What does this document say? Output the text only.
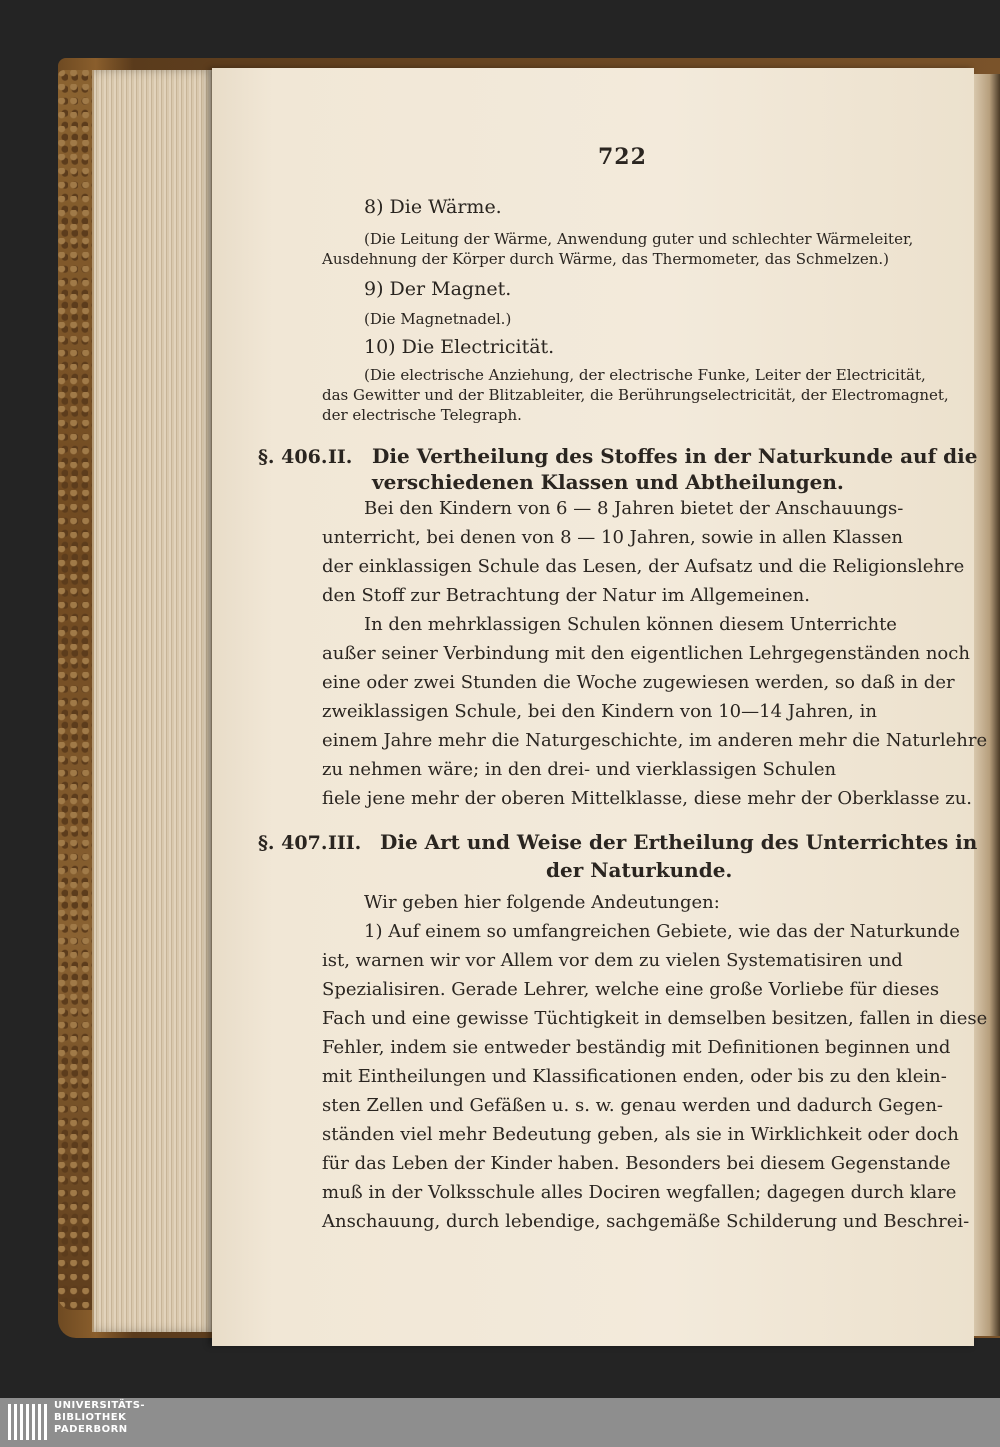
722
8) Die Wärme.
(Die Leitung der Wärme, Anwendung guter und schlechter Wärmeleiter,
Ausdehnung der Körper durch Wärme, das Thermometer, das Schmelzen.)
9) Der Magnet.
(Die Magnetnadel.)
10) Die Electricität.
(Die electrische Anziehung, der electrische Funke, Leiter der Electricität,
das Gewitter und der Blitzableiter, die Berührungselectricität, der Electromagnet,
der electrische Telegraph.
§. 406. II. Die Vertheilung des Stoffes in der Naturkunde auf die
verschiedenen Klassen und Abtheilungen.
Bei den Kindern von 6 — 8 Jahren bietet der Anschauungs-
unterricht, bei denen von 8 — 10 Jahren, sowie in allen Klassen
der einklassigen Schule das Lesen, der Aufsatz und die Religionslehre
den Stoff zur Betrachtung der Natur im Allgemeinen.
In den mehrklassigen Schulen können diesem Unterrichte
außer seiner Verbindung mit den eigentlichen Lehrgegenständen noch
eine oder zwei Stunden die Woche zugewiesen werden, so daß in der
zweiklassigen Schule, bei den Kindern von 10—14 Jahren, in
einem Jahre mehr die Naturgeschichte, im anderen mehr die Naturlehre
zu nehmen wäre; in den drei- und vierklassigen Schulen
fiele jene mehr der oberen Mittelklasse, diese mehr der Oberklasse zu.
§. 407. III. Die Art und Weise der Ertheilung des Unterrichtes in
der Naturkunde.
Wir geben hier folgende Andeutungen:
1) Auf einem so umfangreichen Gebiete, wie das der Naturkunde
ist, warnen wir vor Allem vor dem zu vielen Systematisiren und
Spezialisiren. Gerade Lehrer, welche eine große Vorliebe für dieses
Fach und eine gewisse Tüchtigkeit in demselben besitzen, fallen in diese
Fehler, indem sie entweder beständig mit Definitionen beginnen und
mit Eintheilungen und Klassificationen enden, oder bis zu den klein-
sten Zellen und Gefäßen u. s. w. genau werden und dadurch Gegen-
ständen viel mehr Bedeutung geben, als sie in Wirklichkeit oder doch
für das Leben der Kinder haben. Besonders bei diesem Gegenstande
muß in der Volksschule alles Dociren wegfallen; dagegen durch klare
Anschauung, durch lebendige, sachgemäße Schilderung und Beschrei-
UNIVERSITÄTS-
BIBLIOTHEK
PADERBORN
